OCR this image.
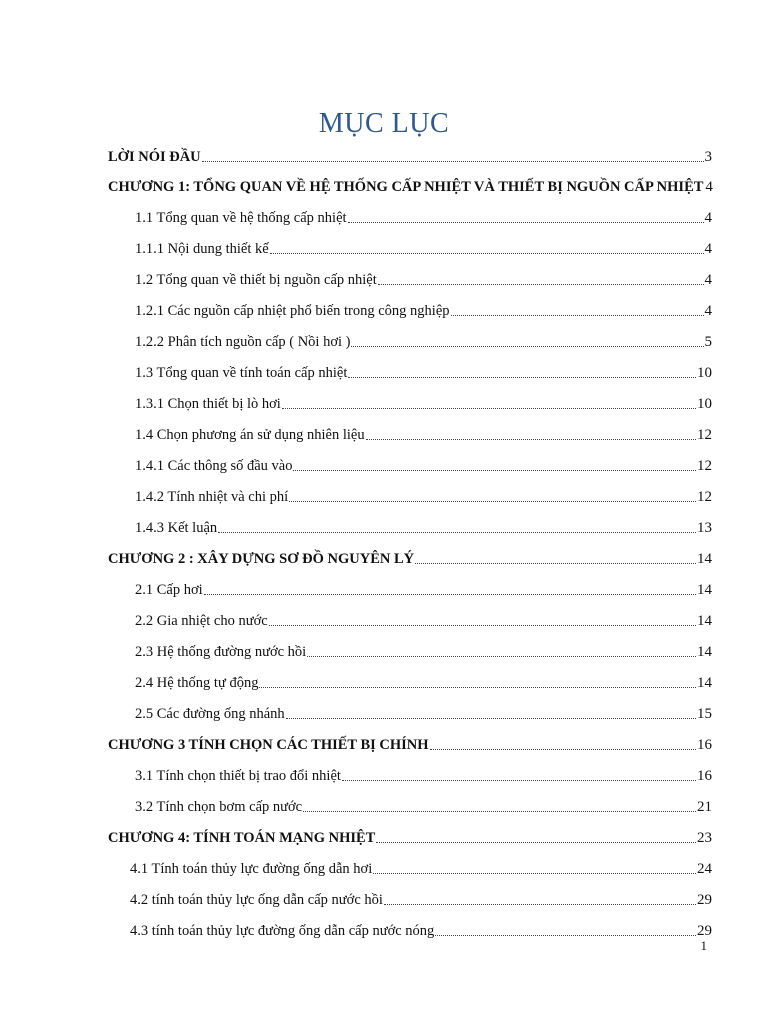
MỤC LỤC
LỜI NÓI ĐẦU	3
CHƯƠNG 1: TỔNG QUAN VỀ HỆ THỐNG CẤP NHIỆT VÀ THIẾT BỊ NGUỒN CẤP NHIỆT 4
1.1 Tổng quan về hệ thống cấp nhiệt	4
1.1.1 Nội dung thiết kế	4
1.2 Tổng quan về thiết bị nguồn cấp nhiệt	4
1.2.1 Các nguồn cấp nhiệt phổ biến trong công nghiệp	4
1.2.2 Phân tích nguồn cấp ( Nồi hơi )	5
1.3 Tổng quan về tính toán cấp nhiệt	10
1.3.1 Chọn thiết bị lò hơi	10
1.4 Chọn phương án sử dụng nhiên liệu	12
1.4.1 Các thông số đầu vào	12
1.4.2 Tính nhiệt và chi phí	12
1.4.3 Kết luận	13
CHƯƠNG 2 : XÂY DỰNG SƠ ĐỒ NGUYÊN LÝ	14
2.1 Cấp hơi	14
2.2 Gia nhiệt cho nước	14
2.3 Hệ thống đường nước hồi	14
2.4 Hệ thống tự động	14
2.5 Các đường ống nhánh	15
CHƯƠNG 3 TÍNH CHỌN CÁC THIẾT BỊ CHÍNH	16
3.1 Tính chọn thiết bị trao đổi nhiệt	16
3.2 Tính chọn bơm cấp nước	21
CHƯƠNG 4: TÍNH TOÁN MẠNG NHIỆT	23
4.1 Tính toán thủy lực đường ống dẫn hơi	24
4.2 tính toán thủy lực ống dẫn cấp nước hồi	29
4.3 tính toán thủy lực đường ống dẫn cấp nước nóng	29
1
